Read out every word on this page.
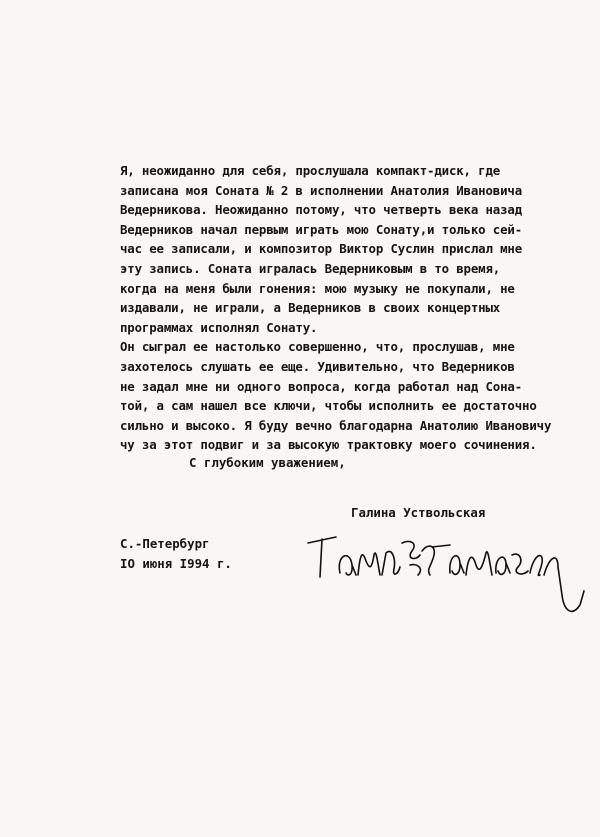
Я, неожиданно для себя, прослушала компакт-диск, где
записана моя Соната № 2 в исполнении Анатолия Ивановича
Ведерникова. Неожиданно потому, что четверть века назад
Ведерников начал первым играть мою Сонату,и только сей-
час ее записали, и композитор Виктор Суслин прислал мне
эту запись. Соната игралась Ведерниковым в то время,
когда на меня были гонения: мою музыку не покупали, не
издавали, не играли, а Ведерников в своих концертных
программах исполнял Сонату.
Он сыграл ее настолько совершенно, что, прослушав, мне
захотелось слушать ее еще. Удивительно, что Ведерников
не задал мне ни одного вопроса, когда работал над Сона-
той, а сам нашел все ключи, чтобы исполнить ее достаточно
сильно и высоко. Я буду вечно благодарна Анатолию Ивановичу
чу за этот подвиг и за высокую трактовку моего сочинения.
С глубоким уважением,
Галина Уствольская
С.-Петербург
IO июня I994 г.
